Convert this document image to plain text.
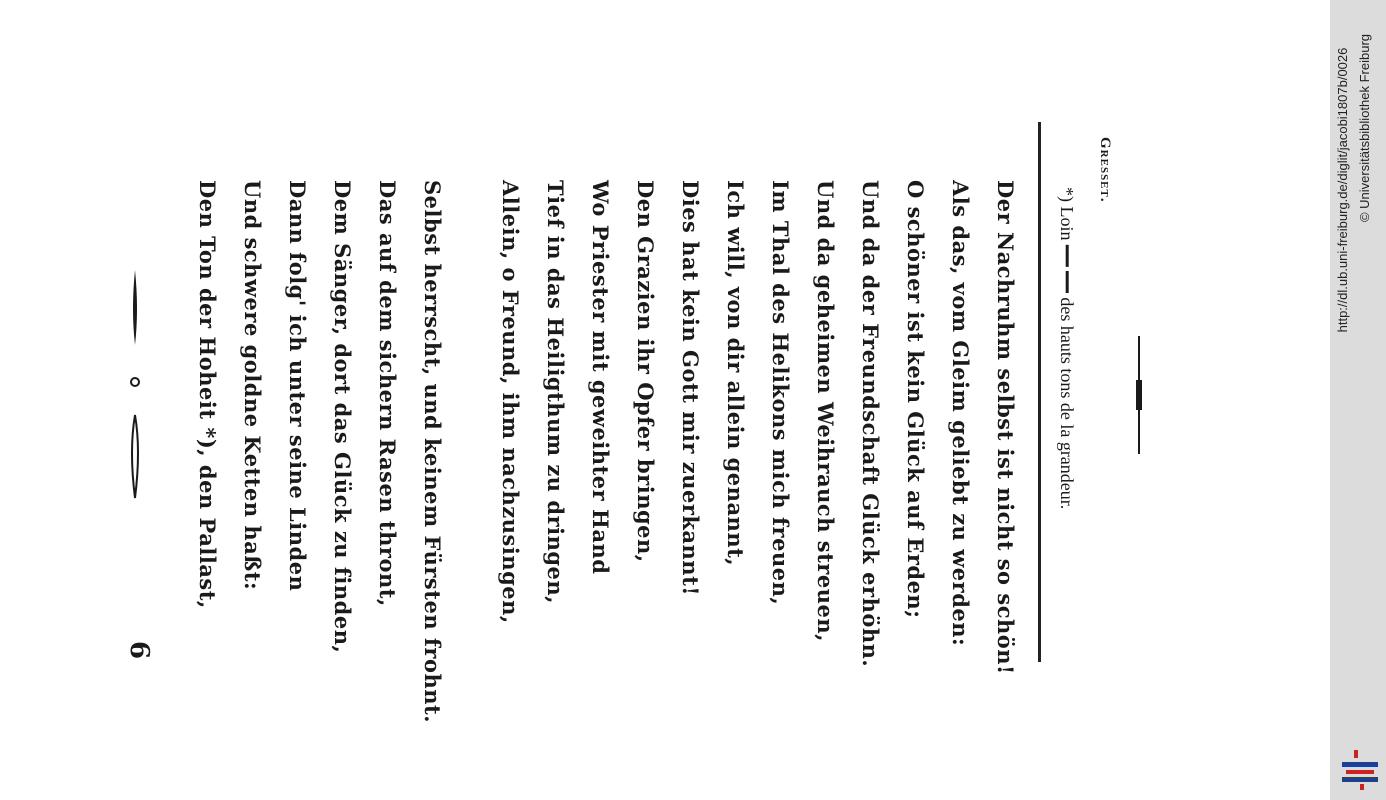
6
Den Ton der Hoheit *), den Pallast, Und schwere goldne Ketten haßt: Dann folg' ich unter seine Linden Dem Sänger, dort das Glück zu finden, Das auf dem sichern Rasen thront, Selbst herrscht, und keinem Fürsten frohnt.	Allein, o Freund, ihm nachzusingen, Tief in das Heiligthum zu dringen, Wo Priester mit geweihter Hand Den Grazien ihr Opfer bringen, Dies hat kein Gott mir zuerkannt! Ich will, von dir allein genannt, Im Thal des Helikons mich freuen, Und da geheimen Weihrauch streuen, Und da der Freundschaft Glück erhöhn. O schöner ist kein Glück auf Erden; Als das, vom Gleim geliebt zu werden: Der Nachruhm selbst ist nicht so schön! *) Loin ━━ ━━ des hauts tons de la grandeur.
Gresset.	http://dl.ub.uni-freiburg.de/diglit/jacobi1807b/0026 © Universitätsbibliothek Freiburg
